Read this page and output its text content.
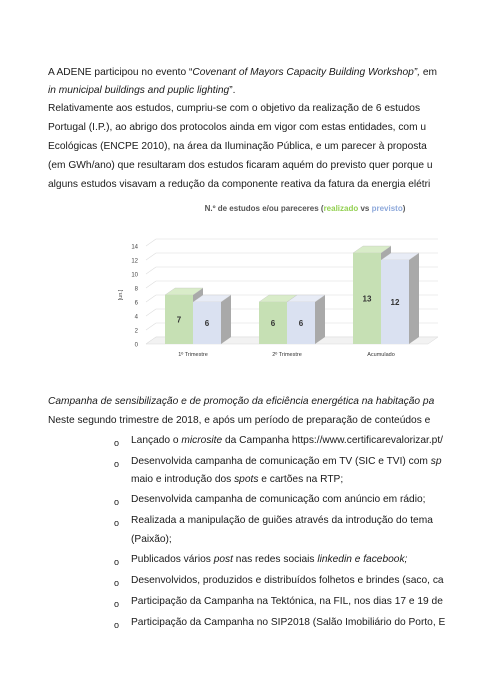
A ADENE participou no evento “Covenant of Mayors Capacity Building Workshop”, em
in municipal buildings and puplic lighting”.
Relativamente aos estudos, cumpriu-se com o objetivo da realização de 6 estudos
Portugal (I.P.), ao abrigo dos protocolos ainda em vigor com estas entidades, com u
Ecológicas (ENCPE 2010), na área da Iluminação Pública, e um parecer à proposta
(em GWh/ano) que resultaram dos estudos ficaram aquém do previsto quer porque u
alguns estudos visavam a redução da componente reativa da fatura da energia elétri
N.º de estudos e/ou pareceres (realizado vs previsto)
0
2
4
6
8
10
12
14
[un.]
7	6
1º Trimestre
6	6
2º Trimestre
13 12
Acumulado
Campanha de sensibilização e de promoção da eficiência energética na habitação pa
Neste segundo trimestre de 2018, e após um período de preparação de conteúdos e
o Lançado o microsite da Campanha https://www.certificarevalorizar.pt/
o Desenvolvida campanha de comunicação em TV (SIC e TVI) com sp
maio e introdução dos spots e cartões na RTP;
o Desenvolvida campanha de comunicação com anúncio em rádio;
o Realizada a manipulação de guiões através da introdução do tema
(Paixão);
o Publicados vários post nas redes sociais linkedin e facebook;
o Desenvolvidos, produzidos e distribuídos folhetos e brindes (saco, ca
o Participação da Campanha na Tektónica, na FIL, nos dias 17 e 19 de
o Participação da Campanha no SIP2018 (Salão Imobiliário do Porto, E
